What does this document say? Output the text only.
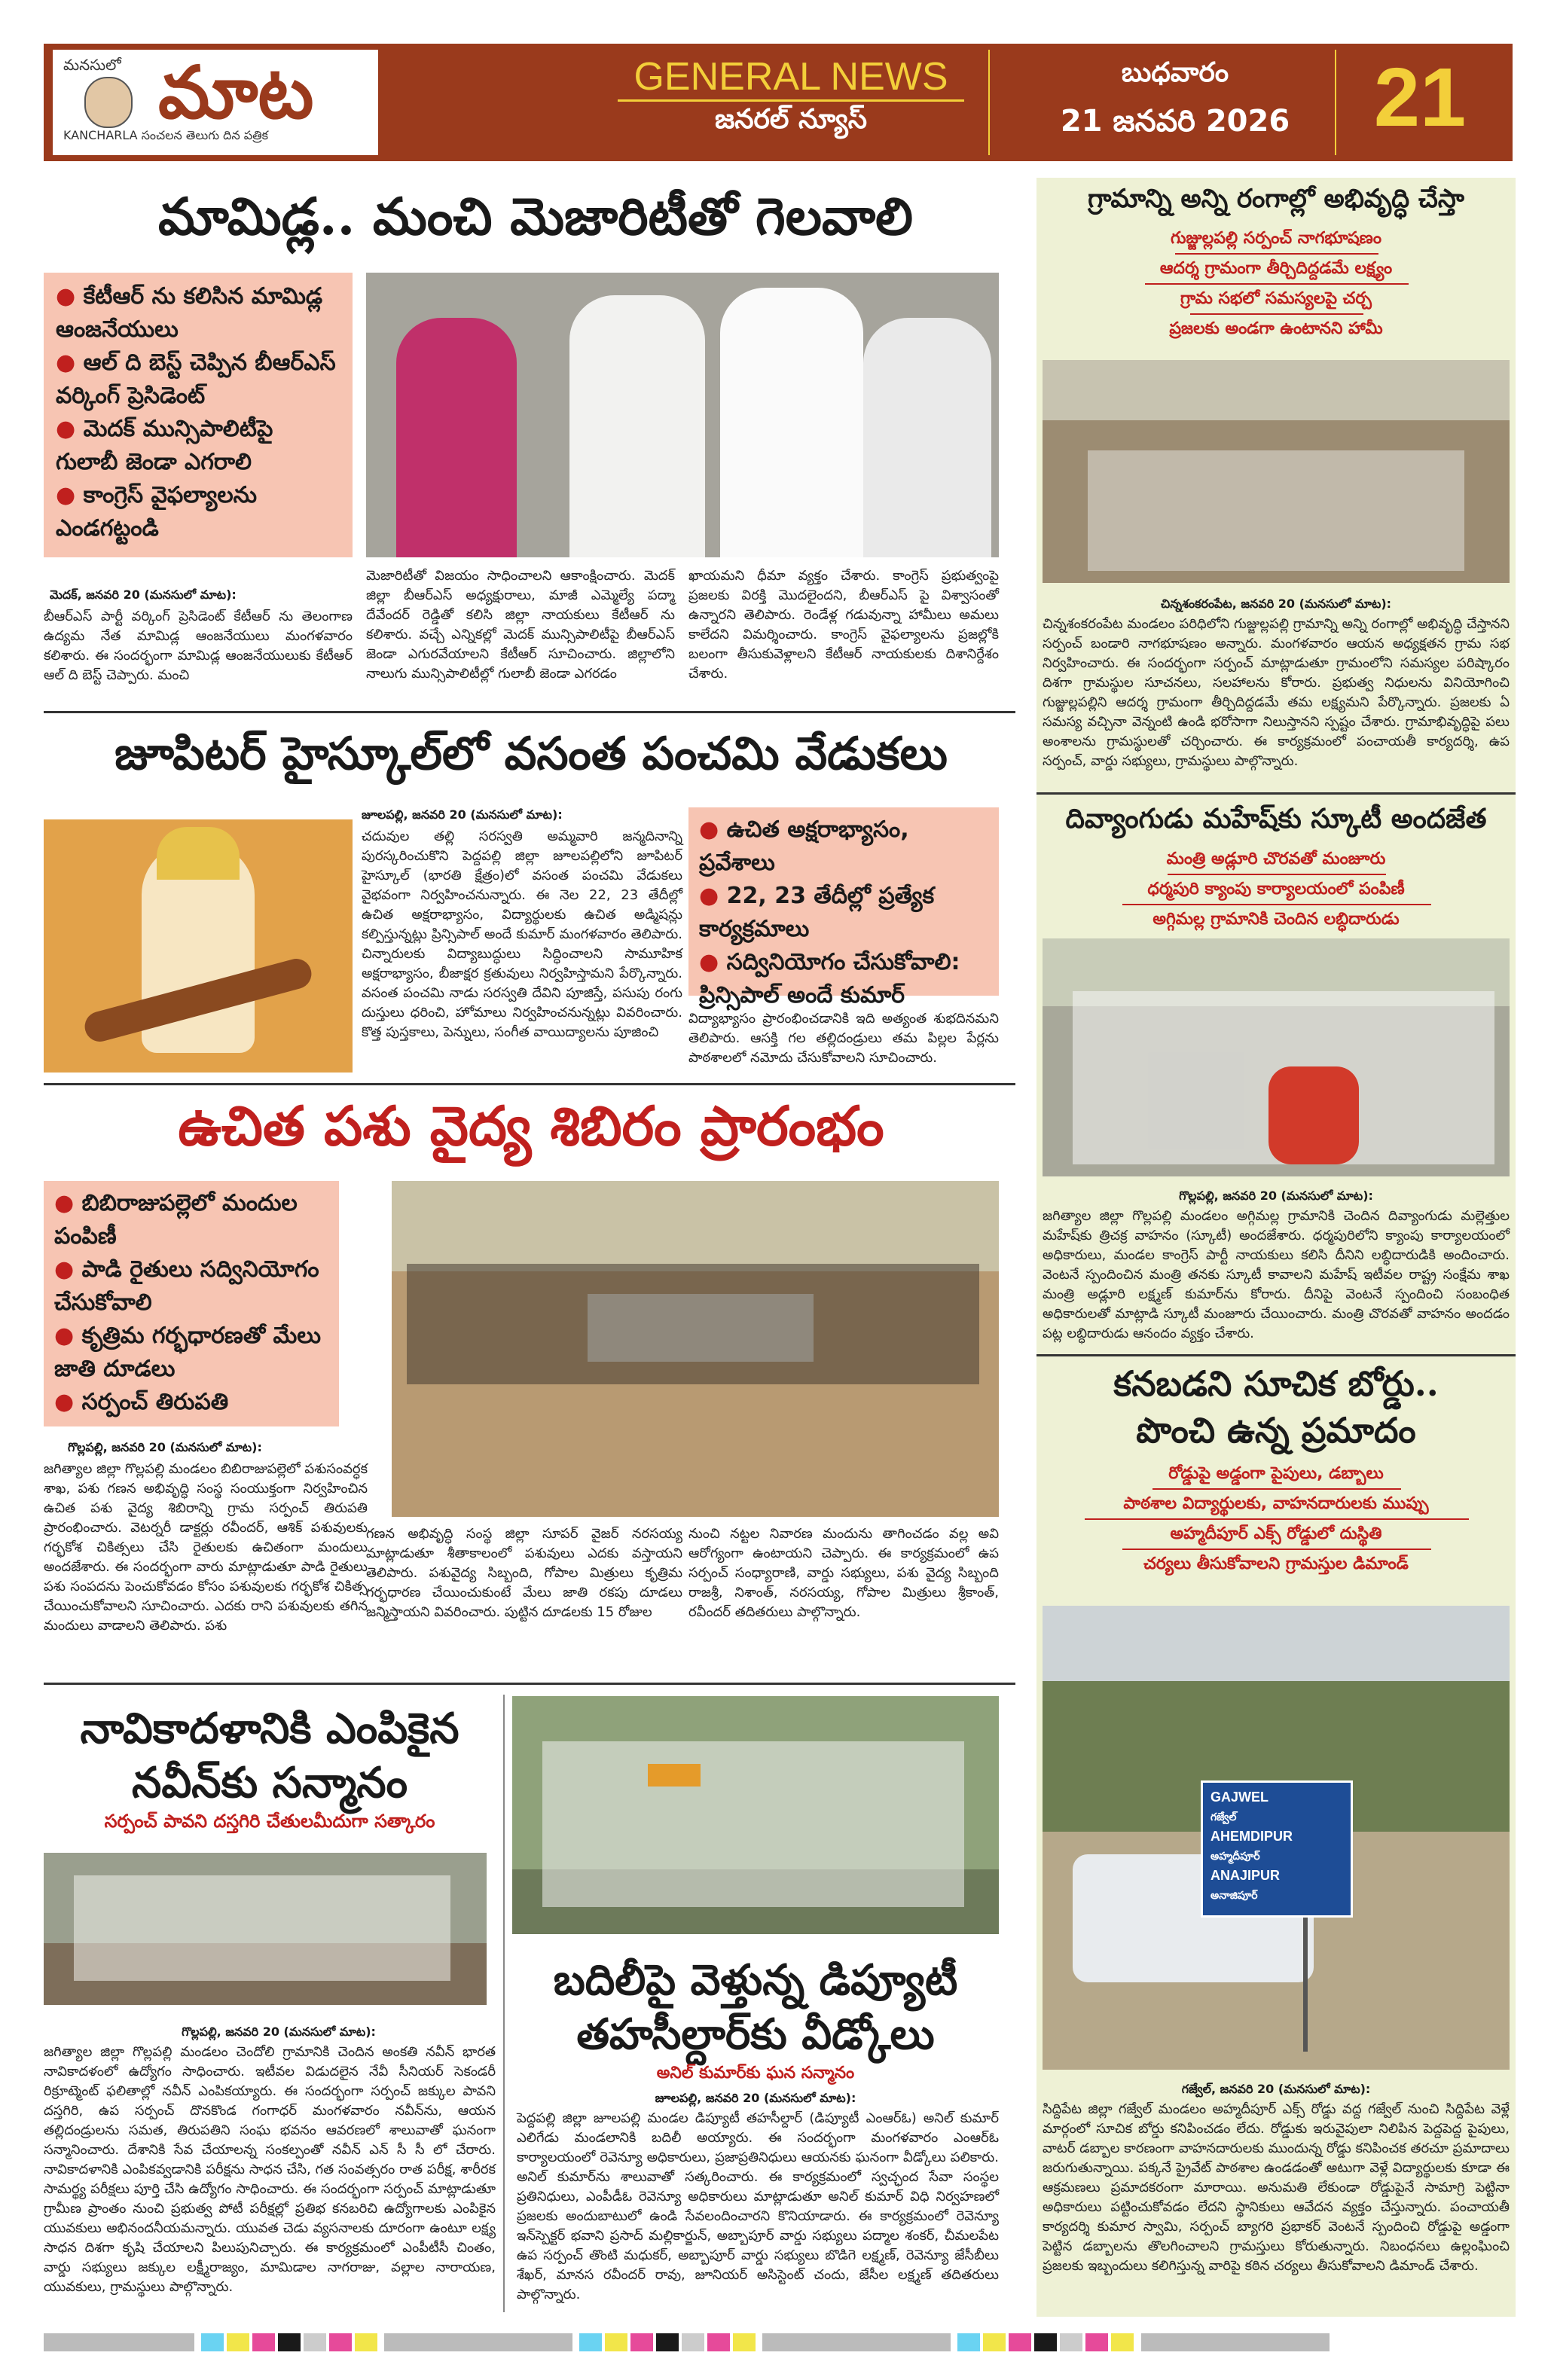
మనసులో మాట
KANCHARLA సంచలన తెలుగు దిన పత్రిక
GENERAL NEWS
జనరల్ న్యూస్
బుధవారం
21 జనవరి 2026	21
మామిడ్ల.. మంచి మెజారిటీతో గెలవాలి
● కేటీఆర్ ను కలిసిన మామిడ్ల ఆంజనేయులు
● ఆల్ ది బెస్ట్ చెప్పిన బీఆర్ఎస్ వర్కింగ్ ప్రెసిడెంట్
● మెదక్ మున్సిపాలిటీపై గులాబీ జెండా ఎగరాలి
● కాంగ్రెస్ వైఫల్యాలను ఎండగట్టండి
మెదక్, జనవరి 20 (మనసులో మాట):
బీఆర్ఎస్ పార్టీ వర్కింగ్ ప్రెసిడెంట్ కేటీఆర్ ను తెలంగాణ ఉద్యమ నేత మామిడ్ల ఆంజనేయులు మంగళవారం కలిశారు. ఈ సందర్భంగా మామిడ్ల ఆంజనేయులుకు కేటీఆర్ ఆల్ ది బెస్ట్ చెప్పారు. మంచి
మెజారిటీతో విజయం సాధించాలని ఆకాంక్షించారు. మెదక్ జిల్లా బీఆర్ఎస్ అధ్యక్షురాలు, మాజీ ఎమ్మెల్యే పద్మా దేవేందర్ రెడ్డితో కలిసి జిల్లా నాయకులు కేటీఆర్ ను కలిశారు. వచ్చే ఎన్నికల్లో మెదక్ మున్సిపాలిటీపై బీఆర్ఎస్ జెండా ఎగురవేయాలని కేటీఆర్ సూచించారు. జిల్లాలోని నాలుగు మున్సిపాలిటీల్లో గులాబీ జెండా ఎగరడం
ఖాయమని ధీమా వ్యక్తం చేశారు. కాంగ్రెస్ ప్రభుత్వంపై ప్రజలకు విరక్తి మొదలైందని, బీఆర్ఎస్ పై విశ్వాసంతో ఉన్నారని తెలిపారు. రెండేళ్ల గడువున్నా హామీలు అమలు కాలేదని విమర్శించారు. కాంగ్రెస్ వైఫల్యాలను ప్రజల్లోకి బలంగా తీసుకువెళ్లాలని కేటీఆర్ నాయకులకు దిశానిర్దేశం చేశారు.
జూపిటర్ హైస్కూల్‌లో వసంత పంచమి వేడుకలు
జూలపల్లి, జనవరి 20 (మనసులో మాట):
చదువుల తల్లి సరస్వతి అమ్మవారి జన్మదినాన్ని పురస్కరించుకొని పెద్దపల్లి జిల్లా జూలపల్లిలోని జూపిటర్ హైస్కూల్ (భారతి క్షేత్రం)లో వసంత పంచమి వేడుకలు వైభవంగా నిర్వహించనున్నారు. ఈ నెల 22, 23 తేదీల్లో ఉచిత అక్షరాభ్యాసం, విద్యార్థులకు ఉచిత అడ్మిషన్లు కల్పిస్తున్నట్లు ప్రిన్సిపాల్ అందే కుమార్ మంగళవారం తెలిపారు. చిన్నారులకు విద్యాబుద్ధులు సిద్ధించాలని సామూహిక అక్షరాభ్యాసం, బీజాక్షర క్రతువులు నిర్వహిస్తామని పేర్కొన్నారు. వసంత పంచమి నాడు సరస్వతి దేవిని పూజిస్తే, పసుపు రంగు దుస్తులు ధరించి, హోమాలు నిర్వహించనున్నట్లు వివరించారు. కొత్త పుస్తకాలు, పెన్నులు, సంగీత వాయిద్యాలను పూజించి
● ఉచిత అక్షరాభ్యాసం, ప్రవేశాలు
● 22, 23 తేదీల్లో ప్రత్యేక కార్యక్రమాలు
● సద్వినియోగం చేసుకోవాలి: ప్రిన్సిపాల్ అందే కుమార్
విద్యాభ్యాసం ప్రారంభించడానికి ఇది అత్యంత శుభదినమని తెలిపారు. ఆసక్తి గల తల్లిదండ్రులు తమ పిల్లల పేర్లను పాఠశాలలో నమోదు చేసుకోవాలని సూచించారు.
ఉచిత పశు వైద్య శిబిరం ప్రారంభం
● బిబిరాజుపల్లెలో మందుల పంపిణీ
● పాడి రైతులు సద్వినియోగం చేసుకోవాలి
● కృత్రిమ గర్భధారణతో మేలు జాతి దూడలు
● సర్పంచ్ తిరుపతి
గొల్లపల్లి, జనవరి 20 (మనసులో మాట):
జగిత్యాల జిల్లా గొల్లపల్లి మండలం బిబిరాజుపల్లెలో పశుసంవర్ధక శాఖ, పశు గణన అభివృద్ధి సంస్థ సంయుక్తంగా నిర్వహించిన ఉచిత పశు వైద్య శిబిరాన్ని గ్రామ సర్పంచ్ తిరుపతి ప్రారంభించారు. వెటర్నరీ డాక్టర్లు రవీందర్, ఆశిక్ పశువులకు గర్భకోశ చికిత్సలు చేసి రైతులకు ఉచితంగా మందులు అందజేశారు. ఈ సందర్భంగా వారు మాట్లాడుతూ పాడి రైతులు పశు సంపదను పెంచుకోవడం కోసం పశువులకు గర్భకోశ చికిత్స చేయించుకోవాలని సూచించారు. ఎదకు రాని పశువులకు తగిన మందులు వాడాలని తెలిపారు. పశు
గణన అభివృద్ధి సంస్థ జిల్లా సూపర్ వైజర్ నరసయ్య మాట్లాడుతూ శీతాకాలంలో పశువులు ఎదకు వస్తాయని తెలిపారు. పశువైద్య సిబ్బంది, గోపాల మిత్రులు కృత్రిమ గర్భధారణ చేయించుకుంటే మేలు జాతి రకపు దూడలు జన్మిస్తాయని వివరించారు. పుట్టిన దూడలకు 15 రోజుల
నుంచి నట్టల నివారణ మందును తాగించడం వల్ల అవి ఆరోగ్యంగా ఉంటాయని చెప్పారు. ఈ కార్యక్రమంలో ఉప సర్పంచ్ సంధ్యారాణి, వార్డు సభ్యులు, పశు వైద్య సిబ్బంది రాజశ్రీ, నిశాంత్, నరసయ్య, గోపాల మిత్రులు శ్రీకాంత్, రవీందర్ తదితరులు పాల్గొన్నారు.
నావికాదళానికి ఎంపికైన
నవీన్‌కు సన్మానం
సర్పంచ్ పావని దస్తగిరి చేతులమీదుగా సత్కారం
గొల్లపల్లి, జనవరి 20 (మనసులో మాట):
జగిత్యాల జిల్లా గొల్లపల్లి మండలం చెందోలి గ్రామానికి చెందిన అంకతి నవీన్ భారత నావికాదళంలో ఉద్యోగం సాధించారు. ఇటీవల విడుదలైన నేవీ సీనియర్ సెకండరీ రిక్రూట్మెంట్ ఫలితాల్లో నవీన్ ఎంపికయ్యారు. ఈ సందర్భంగా సర్పంచ్ జక్కుల పావని దస్తగిరి, ఉప సర్పంచ్ దొనకొండ గంగాధర్ మంగళవారం నవీన్‌ను, ఆయన తల్లిదండ్రులను సమత, తిరుపతిని సంఘ భవనం ఆవరణలో శాలువాతో ఘనంగా సన్మానించారు. దేశానికి సేవ చేయాలన్న సంకల్పంతో నవీన్ ఎన్ సీ సీ లో చేరారు. నావికాదళానికి ఎంపికవ్వడానికి పరీక్షను సాధన చేసి, గత సంవత్సరం రాత పరీక్ష, శారీరక సామర్థ్య పరీక్షలు పూర్తి చేసి ఉద్యోగం సాధించారు. ఈ సందర్భంగా సర్పంచ్ మాట్లాడుతూ గ్రామీణ ప్రాంతం నుంచి ప్రభుత్వ పోటీ పరీక్షల్లో ప్రతిభ కనబరిచి ఉద్యోగాలకు ఎంపికైన యువకులు అభినందనీయమన్నారు. యువత చెడు వ్యసనాలకు దూరంగా ఉంటూ లక్ష్య సాధన దిశగా కృషి చేయాలని పిలుపునిచ్చారు. ఈ కార్యక్రమంలో ఎంపీటీసీ చింతం, వార్డు సభ్యులు జక్కుల లక్ష్మీరాజ్యం, మామిడాల నాగరాజు, వల్లాల నారాయణ, యువకులు, గ్రామస్థులు పాల్గొన్నారు.
బదిలీపై వెళ్తున్న డిప్యూటీ
తహసీల్దార్‌కు వీడ్కోలు
అనిల్ కుమార్‌కు ఘన సన్మానం
జూలపల్లి, జనవరి 20 (మనసులో మాట):
పెద్దపల్లి జిల్లా జూలపల్లి మండల డిప్యూటీ తహసీల్దార్ (డిప్యూటీ ఎంఆర్ఓ) అనిల్ కుమార్ ఎలిగేడు మండలానికి బదిలీ అయ్యారు. ఈ సందర్భంగా మంగళవారం ఎంఆర్ఓ కార్యాలయంలో రెవెన్యూ అధికారులు, ప్రజాప్రతినిధులు ఆయనకు ఘనంగా వీడ్కోలు పలికారు. అనిల్ కుమార్‌ను శాలువాతో సత్కరించారు. ఈ కార్యక్రమంలో స్వచ్ఛంద సేవా సంస్థల ప్రతినిధులు, ఎంపీడీఓ రెవెన్యూ అధికారులు మాట్లాడుతూ అనిల్ కుమార్ విధి నిర్వహణలో ప్రజలకు అందుబాటులో ఉండి సేవలందించారని కొనియాడారు. ఈ కార్యక్రమంలో రెవెన్యూ ఇన్‌స్పెక్టర్ భవాని ప్రసాద్ మల్లికార్జున్, అబ్బాపూర్ వార్డు సభ్యులు పద్మాల శంకర్, చీమలపేట ఉప సర్పంచ్ తొంటి మధుకర్, అబ్బాపూర్ వార్డు సభ్యులు బొడిగె లక్ష్మణ్, రెవెన్యూ జేసీబీలు శేఖర్, మానస రవీందర్ రావు, జూనియర్ అసిస్టెంట్ చందు, జేసీల లక్ష్మణ్ తదితరులు పాల్గొన్నారు.
గ్రామాన్ని అన్ని రంగాల్లో అభివృద్ధి చేస్తా
గుజ్జుల్లపల్లి సర్పంచ్ నాగభూషణం
ఆదర్శ గ్రామంగా తీర్చిదిద్దడమే లక్ష్యం
గ్రామ సభలో సమస్యలపై చర్చ
ప్రజలకు అండగా ఉంటానని హామీ
చిన్నశంకరంపేట, జనవరి 20 (మనసులో మాట):
చిన్నశంకరంపేట మండలం పరిధిలోని గుజ్జుల్లపల్లి గ్రామాన్ని అన్ని రంగాల్లో అభివృద్ధి చేస్తానని సర్పంచ్ బండారి నాగభూషణం అన్నారు. మంగళవారం ఆయన అధ్యక్షతన గ్రామ సభ నిర్వహించారు. ఈ సందర్భంగా సర్పంచ్ మాట్లాడుతూ గ్రామంలోని సమస్యల పరిష్కారం దిశగా గ్రామస్థుల సూచనలు, సలహాలను కోరారు. ప్రభుత్వ నిధులను వినియోగించి గుజ్జుల్లపల్లిని ఆదర్శ గ్రామంగా తీర్చిదిద్దడమే తమ లక్ష్యమని పేర్కొన్నారు. ప్రజలకు ఏ సమస్య వచ్చినా వెన్నంటి ఉండి భరోసాగా నిలుస్తానని స్పష్టం చేశారు. గ్రామాభివృద్ధిపై పలు అంశాలను గ్రామస్థులతో చర్చించారు. ఈ కార్యక్రమంలో పంచాయతీ కార్యదర్శి, ఉప సర్పంచ్, వార్డు సభ్యులు, గ్రామస్థులు పాల్గొన్నారు.
దివ్యాంగుడు మహేష్‌కు స్కూటీ అందజేత
మంత్రి అడ్లూరి చొరవతో మంజూరు
ధర్మపురి క్యాంపు కార్యాలయంలో పంపిణీ
అగ్గిమల్ల గ్రామానికి చెందిన లబ్ధిదారుడు
గొల్లపల్లి, జనవరి 20 (మనసులో మాట):
జగిత్యాల జిల్లా గొల్లపల్లి మండలం అగ్గిమల్ల గ్రామానికి చెందిన దివ్యాంగుడు మల్లెత్తుల మహేష్‌కు త్రిచక్ర వాహనం (స్కూటీ) అందజేశారు. ధర్మపురిలోని క్యాంపు కార్యాలయంలో అధికారులు, మండల కాంగ్రెస్ పార్టీ నాయకులు కలిసి దీనిని లబ్ధిదారుడికి అందించారు. వెంటనే స్పందించిన మంత్రి తనకు స్కూటీ కావాలని మహేష్ ఇటీవల రాష్ట్ర సంక్షేమ శాఖ మంత్రి అడ్లూరి లక్ష్మణ్ కుమార్‌ను కోరారు. దీనిపై వెంటనే స్పందించి సంబంధిత అధికారులతో మాట్లాడి స్కూటీ మంజూరు చేయించారు. మంత్రి చొరవతో వాహనం అందడం పట్ల లబ్ధిదారుడు ఆనందం వ్యక్తం చేశారు.
కనబడని సూచిక బోర్డు..
పొంచి ఉన్న ప్రమాదం
రోడ్డుపై అడ్డంగా పైపులు, డబ్బాలు
పాఠశాల విద్యార్థులకు, వాహనదారులకు ముప్పు
అహ్మదీపూర్ ఎక్స్ రోడ్డులో దుస్థితి
చర్యలు తీసుకోవాలని గ్రామస్తుల డిమాండ్
GAJWEL
గజ్వేల్
AHEMDIPUR
అహ్మదీపూర్
ANAJIPUR
అనాజిపూర్
గజ్వేల్, జనవరి 20 (మనసులో మాట):
సిద్దిపేట జిల్లా గజ్వేల్ మండలం అహ్మదీపూర్ ఎక్స్ రోడ్డు వద్ద గజ్వేల్ నుంచి సిద్దిపేట వెళ్లే మార్గంలో సూచిక బోర్డు కనిపించడం లేదు. రోడ్డుకు ఇరువైపులా నిలిపిన పెద్దపెద్ద పైపులు, వాటర్ డబ్బాల కారణంగా వాహనదారులకు ముందున్న రోడ్డు కనిపించక తరచూ ప్రమాదాలు జరుగుతున్నాయి. పక్కనే ప్రైవేట్ పాఠశాల ఉండడంతో అటుగా వెళ్లే విద్యార్థులకు కూడా ఈ ఆక్రమణలు ప్రమాదకరంగా మారాయి. అనుమతి లేకుండా రోడ్డుపైనే సామాగ్రి పెట్టినా అధికారులు పట్టించుకోవడం లేదని స్థానికులు ఆవేదన వ్యక్తం చేస్తున్నారు. పంచాయతీ కార్యదర్శి కుమార స్వామి, సర్పంచ్ బ్యాగరి ప్రభాకర్ వెంటనే స్పందించి రోడ్డుపై అడ్డంగా పెట్టిన డబ్బాలను తొలగించాలని గ్రామస్తులు కోరుతున్నారు. నిబంధనలు ఉల్లంఘించి ప్రజలకు ఇబ్బందులు కలిగిస్తున్న వారిపై కఠిన చర్యలు తీసుకోవాలని డిమాండ్ చేశారు.
